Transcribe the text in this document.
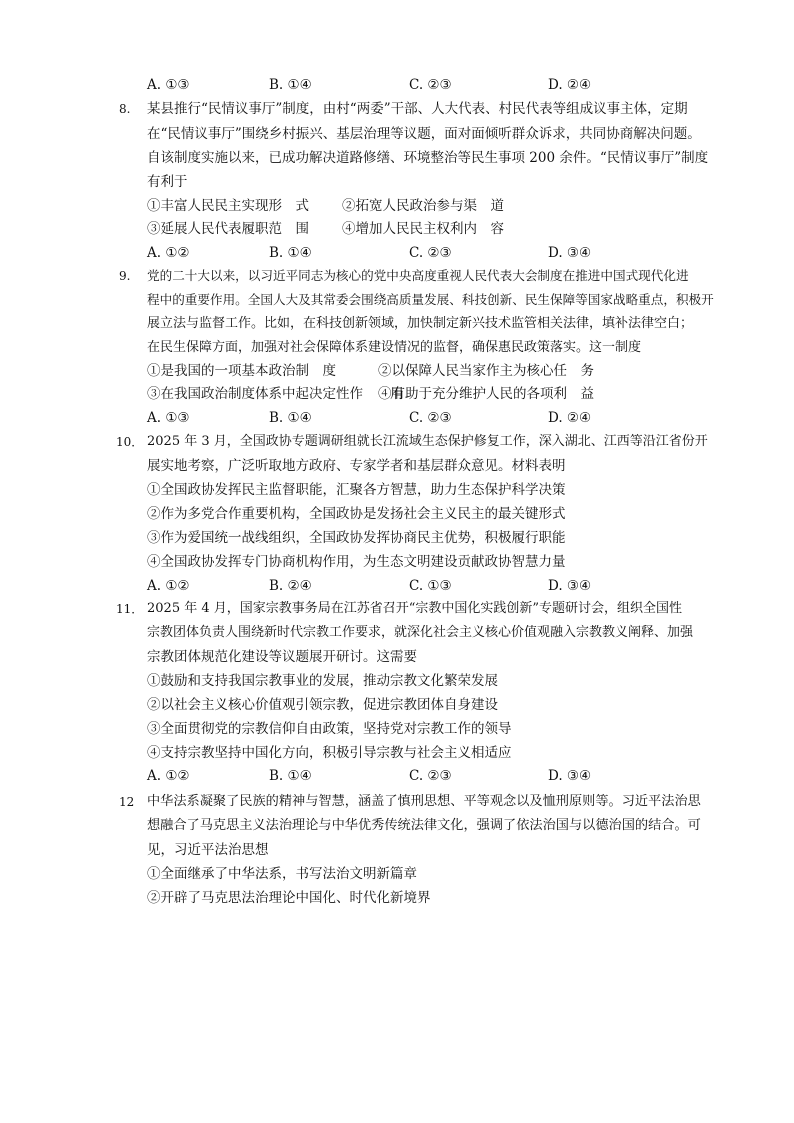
A. ①③	B. ①④	C. ②③	D. ②④
8. 某县推行“民情议事厅”制度，由村“两委”干部、人大代表、村民代表等组成议事主体，定期
在“民情议事厅”围绕乡村振兴、基层治理等议题，面对面倾听群众诉求，共同协商解决问题。
自该制度实施以来，已成功解决道路修缮、环境整治等民生事项 200 余件。“民情议事厅”制度
有利于
①丰富人民民主实现形　式 ②拓宽人民政治参与渠　道
③延展人民代表履职范　围 ④增加人民民主权利内　容
A. ①②	B. ①④	C. ②③	D. ③④
9. 党的二十大以来，以习近平同志为核心的党中央高度重视人民代表大会制度在推进中国式现代化进
程中的重要作用。全国人大及其常委会围绕高质量发展、科技创新、民生保障等国家战略重点，积极开
展立法与监督工作。比如，在科技创新领域，加快制定新兴技术监管相关法律，填补法律空白；
在民生保障方面，加强对社会保障体系建设情况的监督，确保惠民政策落实。这一制度
①是我国的一项基本政治制　度	②以保障人民当家作主为核心任　务
③在我国政治制度体系中起决定性作　　用
④有助于充分维护人民的各项利　益
A. ①③	B. ①④	C. ②③	D. ②④
10． 2025 年 3 月，全国政协专题调研组就长江流域生态保护修复工作，深入湖北、江西等沿江省份开
展实地考察，广泛听取地方政府、专家学者和基层群众意见。材料表明
①全国政协发挥民主监督职能，汇聚各方智慧，助力生态保护科学决策
②作为多党合作重要机构，全国政协是发扬社会主义民主的最关键形式
③作为爱国统一战线组织，全国政协发挥协商民主优势，积极履行职能
④全国政协发挥专门协商机构作用，为生态文明建设贡献政协智慧力量
A. ①②	B. ②④	C. ①③	D. ③④
11． 2025 年 4 月，国家宗教事务局在江苏省召开“宗教中国化实践创新”专题研讨会，组织全国性
宗教团体负责人围绕新时代宗教工作要求，就深化社会主义核心价值观融入宗教教义阐释、加强
宗教团体规范化建设等议题展开研讨。这需要
①鼓励和支持我国宗教事业的发展，推动宗教文化繁荣发展
②以社会主义核心价值观引领宗教，促进宗教团体自身建设
③全面贯彻党的宗教信仰自由政策，坚持党对宗教工作的领导
④支持宗教坚持中国化方向，积极引导宗教与社会主义相适应
A. ①②	B. ①④	C. ②③	D. ③④
12 中华法系凝聚了民族的精神与智慧，涵盖了慎刑思想、平等观念以及恤刑原则等。习近平法治思
想融合了马克思主义法治理论与中华优秀传统法律文化，强调了依法治国与以德治国的结合。可
见，习近平法治思想
①全面继承了中华法系，书写法治文明新篇章
②开辟了马克思法治理论中国化、时代化新境界
